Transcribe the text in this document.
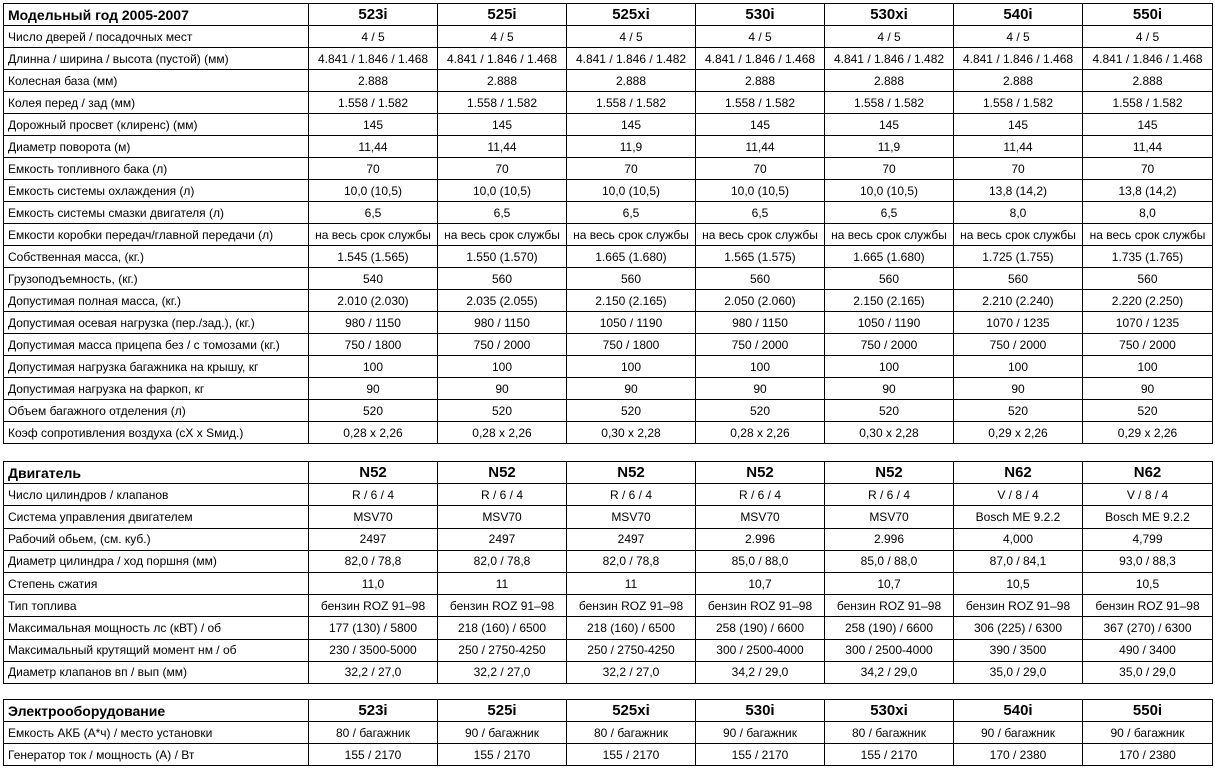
Модельный год 2005-2007	523i	525i	525xi	530i	530xi	540i	550i
Число дверей / посадочных мест	4 / 5	4 / 5	4 / 5	4 / 5	4 / 5	4 / 5	4 / 5
Длинна / ширина / высота (пустой) (мм)	4.841 / 1.846 / 1.468	4.841 / 1.846 / 1.468	4.841 / 1.846 / 1.482	4.841 / 1.846 / 1.468	4.841 / 1.846 / 1.482	4.841 / 1.846 / 1.468	4.841 / 1.846 / 1.468
Колесная база (мм)	2.888	2.888	2.888	2.888	2.888	2.888	2.888
Колея перед / зад (мм)	1.558 / 1.582	1.558 / 1.582	1.558 / 1.582	1.558 / 1.582	1.558 / 1.582	1.558 / 1.582	1.558 / 1.582
Дорожный просвет (клиренс) (мм)	145	145	145	145	145	145	145
Диаметр поворота (м)	11,44	11,44	11,9	11,44	11,9	11,44	11,44
Емкость топливного бака (л)	70	70	70	70	70	70	70
Емкость системы охлаждения (л)	10,0 (10,5)	10,0 (10,5)	10,0 (10,5)	10,0 (10,5)	10,0 (10,5)	13,8 (14,2)	13,8 (14,2)
Емкость системы смазки двигателя (л)	6,5	6,5	6,5	6,5	6,5	8,0	8,0
Емкости коробки передач/главной передачи (л)	на весь срок службы	на весь срок службы	на весь срок службы	на весь срок службы	на весь срок службы	на весь срок службы	на весь срок службы
Собственная масса, (кг.)	1.545 (1.565)	1.550 (1.570)	1.665 (1.680)	1.565 (1.575)	1.665 (1.680)	1.725 (1.755)	1.735 (1.765)
Грузоподъемность, (кг.)	540	560	560	560	560	560	560
Допустимая полная масса, (кг.)	2.010 (2.030)	2.035 (2.055)	2.150 (2.165)	2.050 (2.060)	2.150 (2.165)	2.210 (2.240)	2.220 (2.250)
Допустимая осевая нагрузка (пер./зад.), (кг.)	980 / 1150	980 / 1150	1050 / 1190	980 / 1150	1050 / 1190	1070 / 1235	1070 / 1235
Допустимая масса прицепа без / с томозами (кг.)	750 / 1800	750 / 2000	750 / 1800	750 / 2000	750 / 2000	750 / 2000	750 / 2000
Допустимая нагрузка багажника на крышу, кг	100	100	100	100	100	100	100
Допустимая нагрузка на фаркоп, кг	90	90	90	90	90	90	90
Объем багажного отделения (л)	520	520	520	520	520	520	520
Коэф сопротивления воздуха (cX x Sмид.)	0,28 x 2,26	0,28 x 2,26	0,30 x 2,28	0,28 x 2,26	0,30 x 2,28	0,29 x 2,26	0,29 x 2,26
Двигатель	N52	N52	N52	N52	N52	N62	N62
Число цилиндров / клапанов	R / 6 / 4	R / 6 / 4	R / 6 / 4	R / 6 / 4	R / 6 / 4	V / 8 / 4	V / 8 / 4
Система управления двигателем	MSV70	MSV70	MSV70	MSV70	MSV70	Bosch ME 9.2.2	Bosch ME 9.2.2
Рабочий обьем, (см. куб.)	2497	2497	2497	2.996	2.996	4,000	4,799
Диаметр цилиндра / ход поршня (мм)	82,0 / 78,8	82,0 / 78,8	82,0 / 78,8	85,0 / 88,0	85,0 / 88,0	87,0 / 84,1	93,0 / 88,3
Степень сжатия	11,0	11	11	10,7	10,7	10,5	10,5
Тип топлива	бензин ROZ 91–98	бензин ROZ 91–98	бензин ROZ 91–98	бензин ROZ 91–98	бензин ROZ 91–98	бензин ROZ 91–98	бензин ROZ 91–98
Максимальная мощность лс (кВТ) / об	177 (130) / 5800	218 (160) / 6500	218 (160) / 6500	258 (190) / 6600	258 (190) / 6600	306 (225) / 6300	367 (270) / 6300
Максимальный крутящий момент нм / об	230 / 3500-5000	250 / 2750-4250	250 / 2750-4250	300 / 2500-4000	300 / 2500-4000	390 / 3500	490 / 3400
Диаметр клапанов вп / вып (мм)	32,2 / 27,0	32,2 / 27,0	32,2 / 27,0	34,2 / 29,0	34,2 / 29,0	35,0 / 29,0	35,0 / 29,0
Электрооборудование	523i	525i	525xi	530i	530xi	540i	550i
Емкость АКБ (А*ч) / место установки	80 / багажник	90 / багажник	80 / багажник	90 / багажник	80 / багажник	90 / багажник	90 / багажник
Генератор ток / мощность (А) / Вт	155 / 2170	155 / 2170	155 / 2170	155 / 2170	155 / 2170	170 / 2380	170 / 2380
